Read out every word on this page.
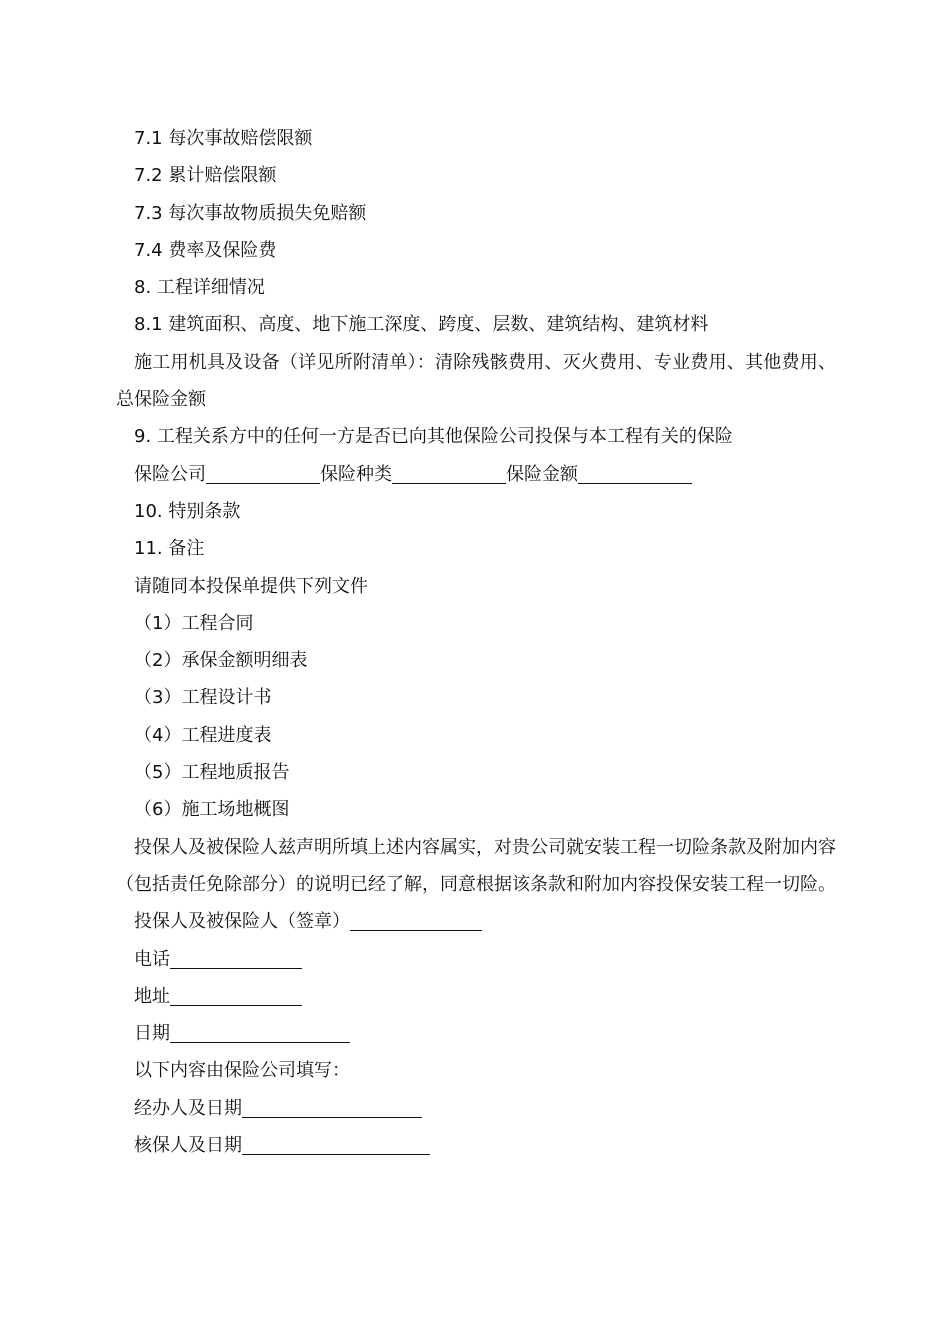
7.1 每次事故赔偿限额
7.2 累计赔偿限额
7.3 每次事故物质损失免赔额
7.4 费率及保险费
8. 工程详细情况
8.1 建筑面积、高度、地下施工深度、跨度、层数、建筑结构、建筑材料
施工用机具及设备（详见所附清单）：清除残骸费用、灭火费用、专业费用、其他费用、总保险金额
9. 工程关系方中的任何一方是否已向其他保险公司投保与本工程有关的保险
保险公司	保险种类	保险金额
10. 特别条款
11. 备注
请随同本投保单提供下列文件
（1）工程合同
（2）承保金额明细表
（3）工程设计书
（4）工程进度表
（5）工程地质报告
（6）施工场地概图
投保人及被保险人兹声明所填上述内容属实，对贵公司就安装工程一切险条款及附加内容（包括责任免除部分）的说明已经了解，同意根据该条款和附加内容投保安装工程一切险。
投保人及被保险人（签章）
电话
地址
日期
以下内容由保险公司填写：
经办人及日期
核保人及日期
